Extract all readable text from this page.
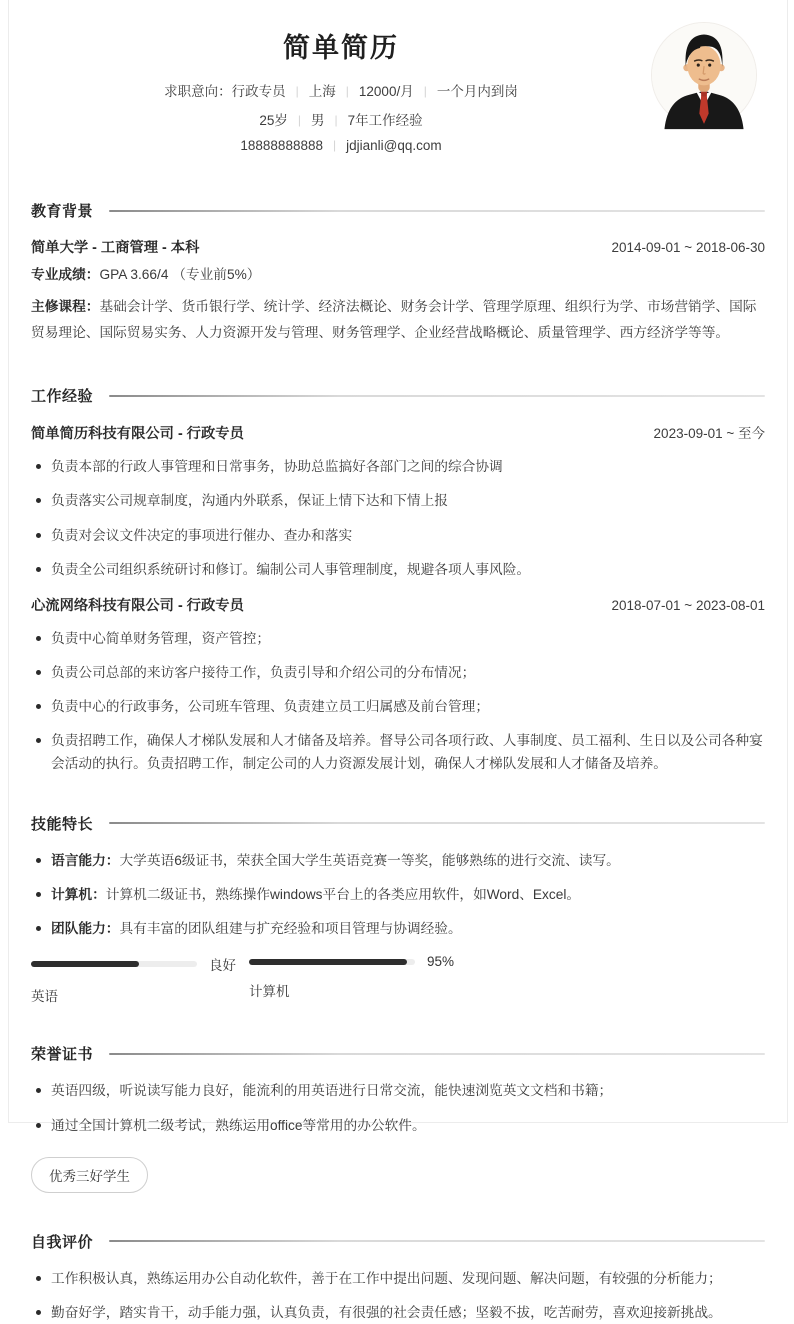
简单简历
求职意向：行政专员 | 上海 | 12000/月 | 一个月内到岗
25岁 | 男 | 7年工作经验
18888888888 | jdjianli@qq.com
教育背景
简单大学 - 工商管理 - 本科	2014-09-01 ~ 2018-06-30
专业成绩：GPA 3.66/4 （专业前5%）
主修课程：基础会计学、货币银行学、统计学、经济法概论、财务会计学、管理学原理、组织行为学、市场营销学、国际贸易理论、国际贸易实务、人力资源开发与管理、财务管理学、企业经营战略概论、质量管理学、西方经济学等等。
工作经验
简单简历科技有限公司 - 行政专员	2023-09-01 ~ 至今
负责本部的行政人事管理和日常事务，协助总监搞好各部门之间的综合协调
负责落实公司规章制度，沟通内外联系，保证上情下达和下情上报
负责对会议文件决定的事项进行催办、查办和落实
负责全公司组织系统研讨和修订。编制公司人事管理制度，规避各项人事风险。
心流网络科技有限公司 - 行政专员	2018-07-01 ~ 2023-08-01
负责中心简单财务管理，资产管控；
负责公司总部的来访客户接待工作，负责引导和介绍公司的分布情况；
负责中心的行政事务，公司班车管理、负责建立员工归属感及前台管理；
负责招聘工作，确保人才梯队发展和人才储备及培养。督导公司各项行政、人事制度、员工福利、生日以及公司各种宴会活动的执行。负责招聘工作，制定公司的人力资源发展计划，确保人才梯队发展和人才储备及培养。
技能特长
语言能力：大学英语6级证书，荣获全国大学生英语竞赛一等奖，能够熟练的进行交流、读写。
计算机：计算机二级证书，熟练操作windows平台上的各类应用软件，如Word、Excel。
团队能力：具有丰富的团队组建与扩充经验和项目管理与协调经验。
良好
英语
95%
计算机
荣誉证书
英语四级，听说读写能力良好，能流利的用英语进行日常交流，能快速浏览英文文档和书籍；
通过全国计算机二级考试，熟练运用office等常用的办公软件。
优秀三好学生
自我评价
工作积极认真，熟练运用办公自动化软件，善于在工作中提出问题、发现问题、解决问题，有较强的分析能力；
勤奋好学，踏实肯干，动手能力强，认真负责，有很强的社会责任感；坚毅不拔，吃苦耐劳，喜欢迎接新挑战。
